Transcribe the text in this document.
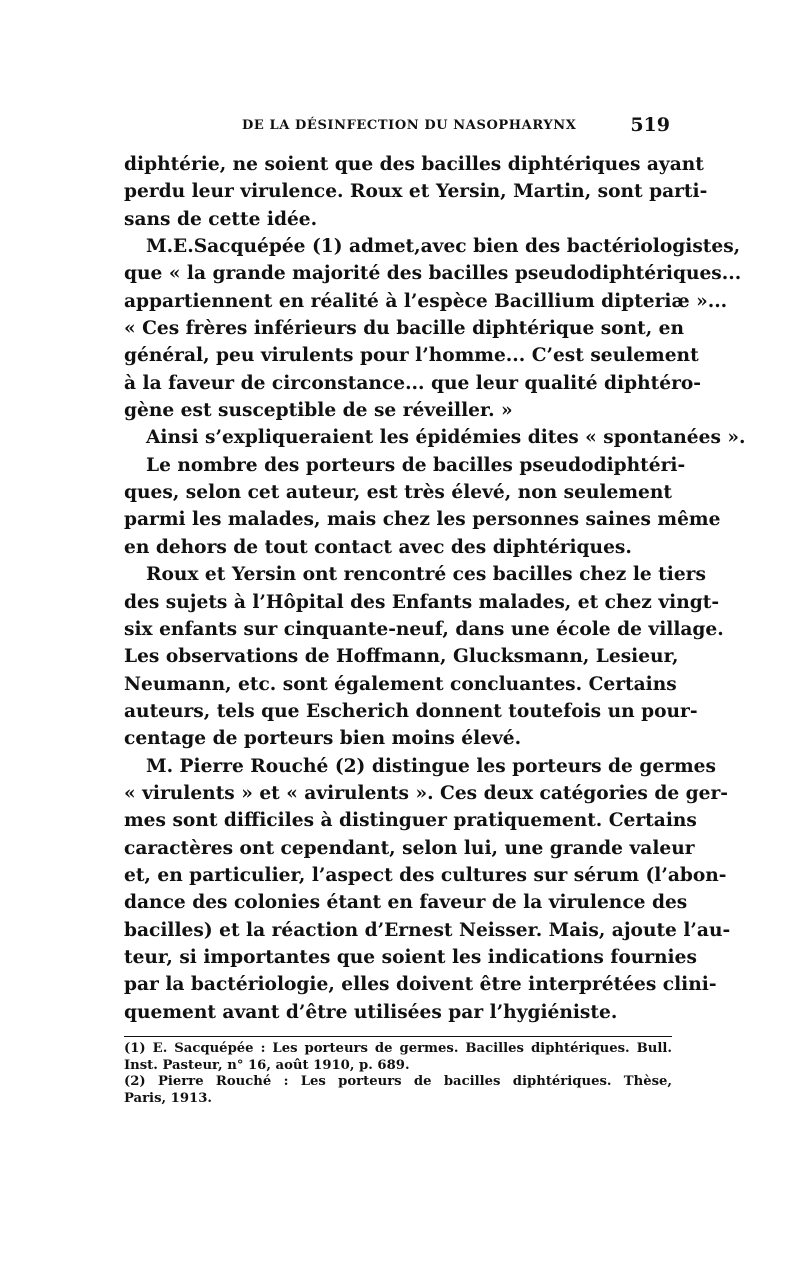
DE LA DÉSINFECTION DU NASOPHARYNX	519
diphtérie, ne soient que des bacilles diphtériques ayant
perdu leur virulence. Roux et Yersin, Martin, sont parti-
sans de cette idée.
M.E.Sacquépée (1) admet,avec bien des bactériologistes,
que « la grande majorité des bacilles pseudodiphtériques...
appartiennent en réalité à l’espèce Bacillium dipteriæ »...
« Ces frères inférieurs du bacille diphtérique sont, en
général, peu virulents pour l’homme... C’est seulement
à la faveur de circonstance... que leur qualité diphtéro-
gène est susceptible de se réveiller. »
Ainsi s’expliqueraient les épidémies dites « spontanées ».
Le nombre des porteurs de bacilles pseudodiphtéri-
ques, selon cet auteur, est très élevé, non seulement
parmi les malades, mais chez les personnes saines même
en dehors de tout contact avec des diphtériques.
Roux et Yersin ont rencontré ces bacilles chez le tiers
des sujets à l’Hôpital des Enfants malades, et chez vingt-
six enfants sur cinquante-neuf, dans une école de village.
Les observations de Hoffmann, Glucksmann, Lesieur,
Neumann, etc. sont également concluantes. Certains
auteurs, tels que Escherich donnent toutefois un pour-
centage de porteurs bien moins élevé.
M. Pierre Rouché (2) distingue les porteurs de germes
« virulents » et « avirulents ». Ces deux catégories de ger-
mes sont difficiles à distinguer pratiquement. Certains
caractères ont cependant, selon lui, une grande valeur
et, en particulier, l’aspect des cultures sur sérum (l’abon-
dance des colonies étant en faveur de la virulence des
bacilles) et la réaction d’Ernest Neisser. Mais, ajoute l’au-
teur, si importantes que soient les indications fournies
par la bactériologie, elles doivent être interprétées clini-
quement avant d’être utilisées par l’hygiéniste.
(1) E. Sacquépée : Les porteurs de germes. Bacilles diphtériques. Bull.
Inst. Pasteur, n° 16, août 1910, p. 689.
(2) Pierre Rouché : Les porteurs de bacilles diphtériques. Thèse,
Paris, 1913.
